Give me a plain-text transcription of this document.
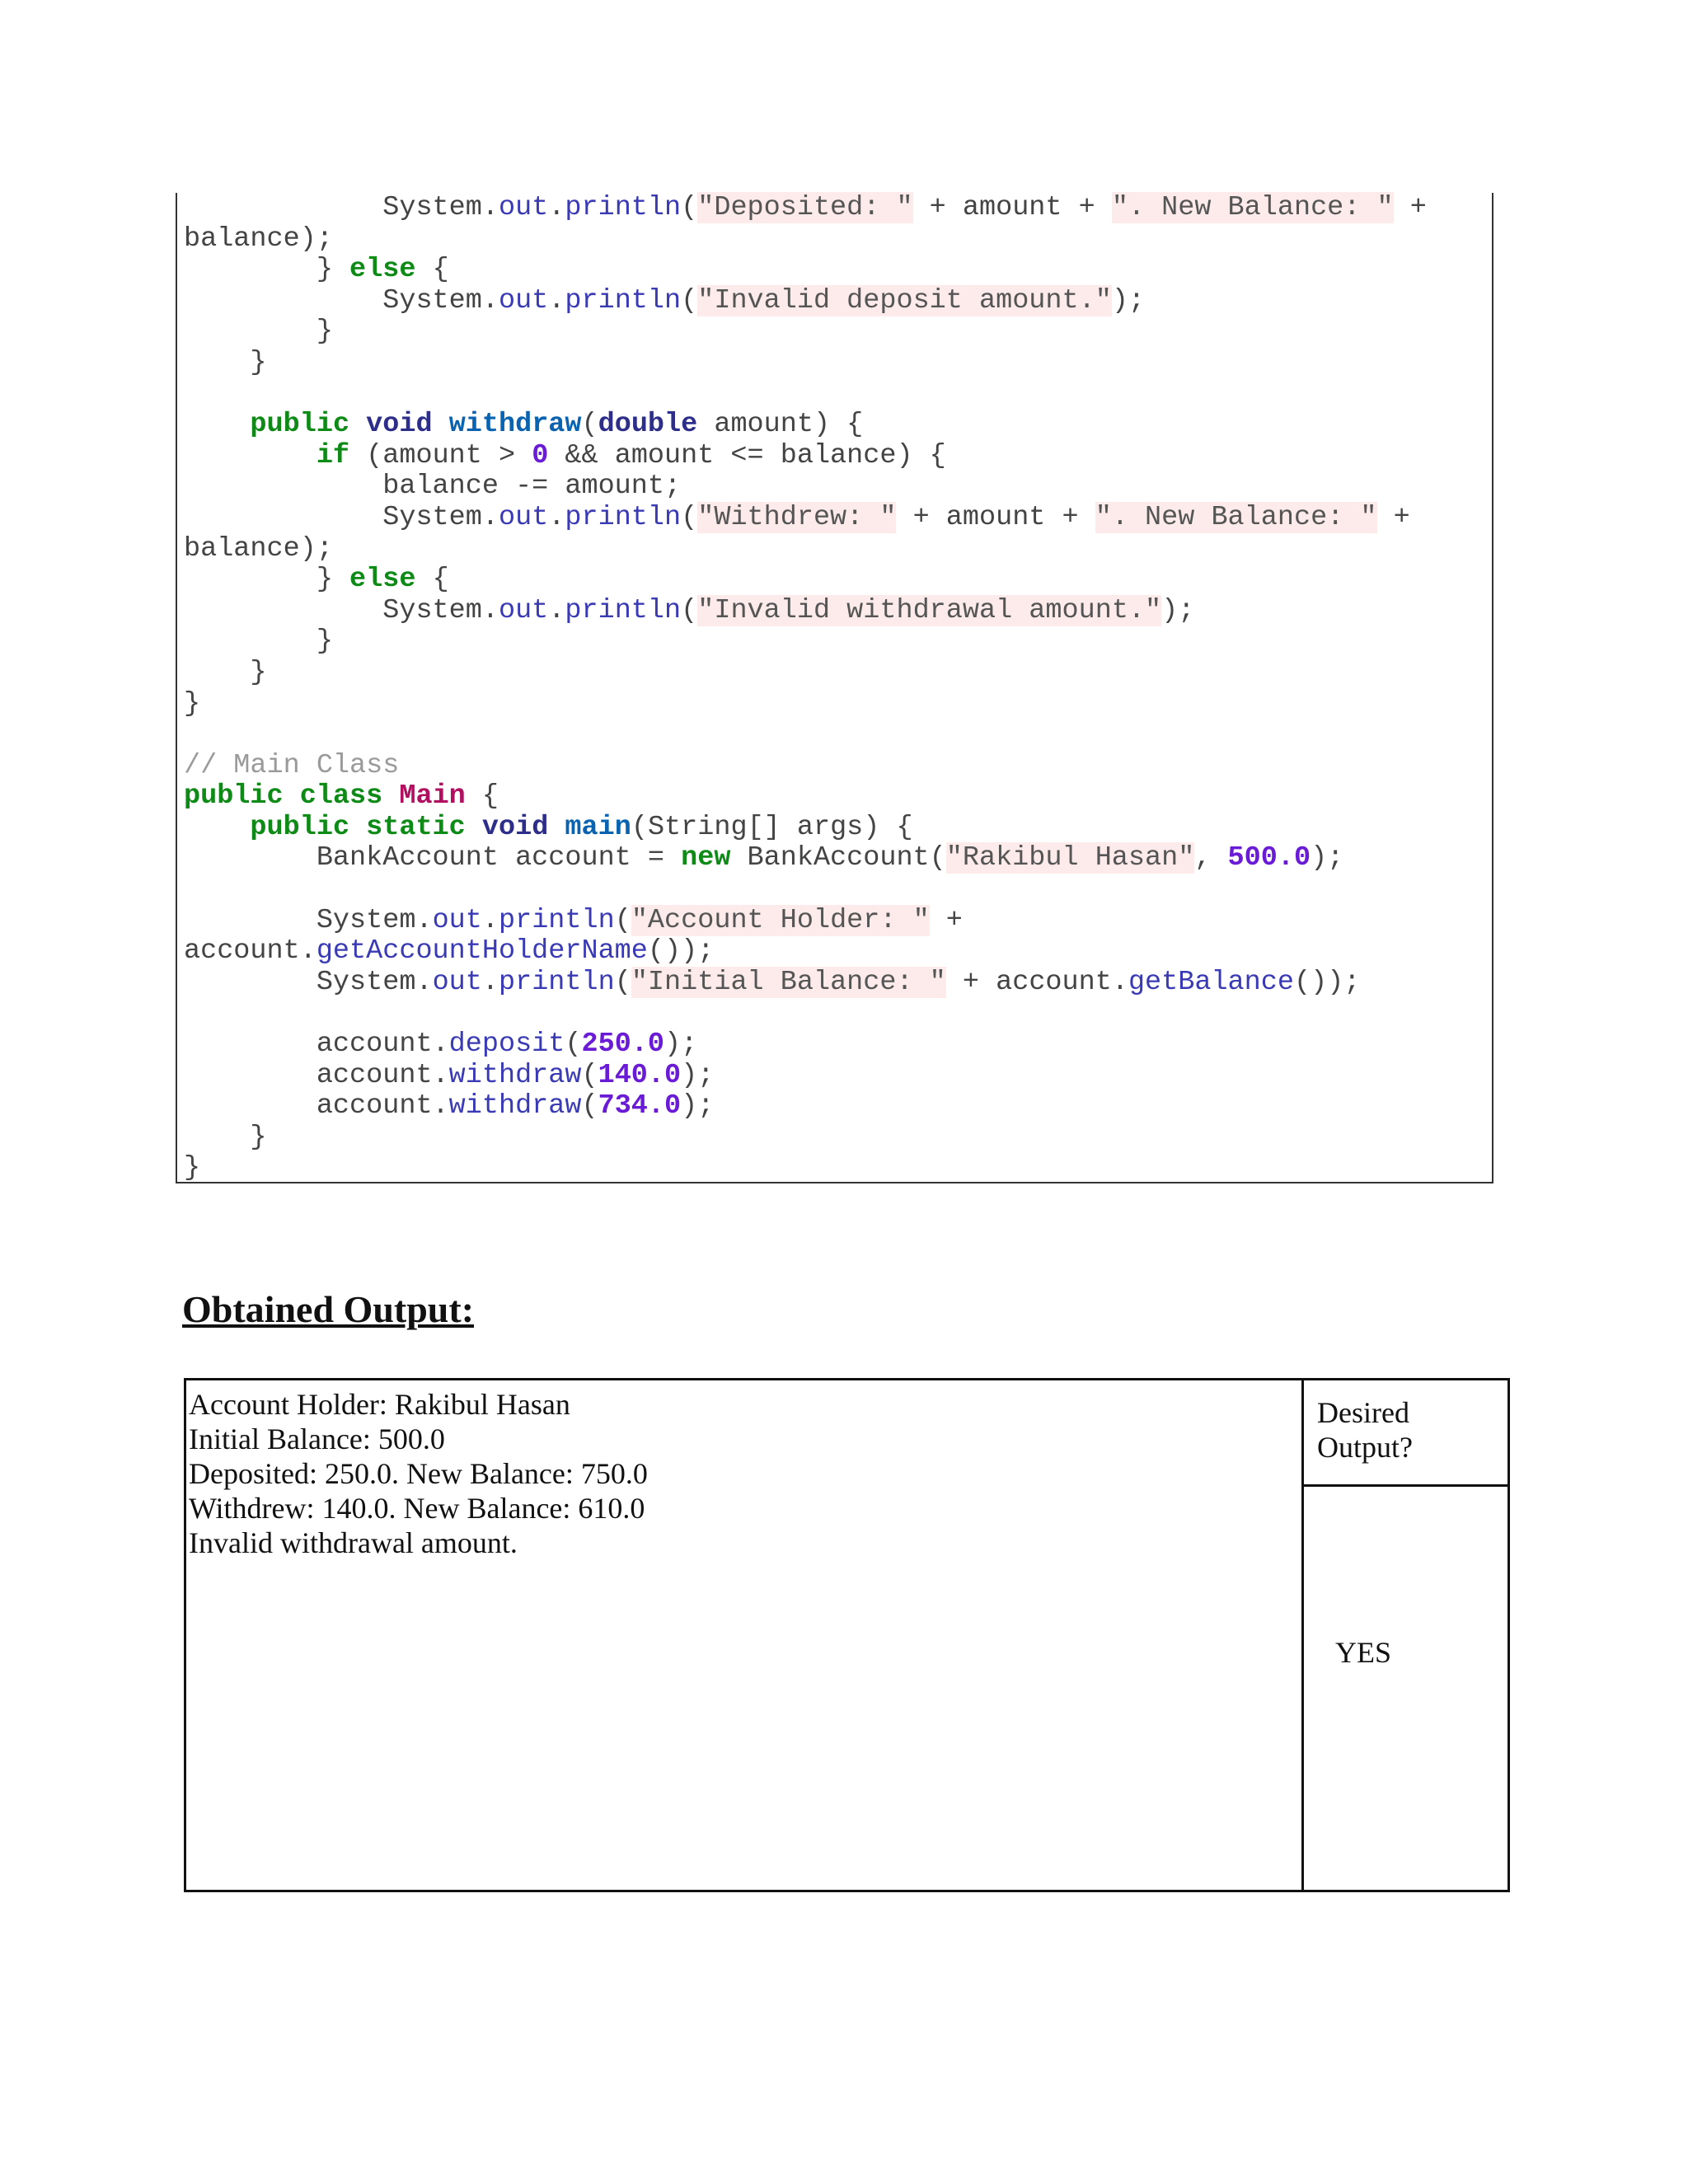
System.out.println("Deposited: " + amount + ". New Balance: " +
balance);
} else {
System.out.println("Invalid deposit amount.");
}
}

public void withdraw(double amount) {
if (amount > 0 && amount <= balance) {
balance -= amount;
System.out.println("Withdrew: " + amount + ". New Balance: " +
balance);
} else {
System.out.println("Invalid withdrawal amount.");
}
}
}

// Main Class
public class Main {
public static void main(String[] args) {
BankAccount account = new BankAccount("Rakibul Hasan", 500.0);

System.out.println("Account Holder: " +
account.getAccountHolderName());
System.out.println("Initial Balance: " + account.getBalance());

account.deposit(250.0);
account.withdraw(140.0);
account.withdraw(734.0);
}
}
Obtained Output:
Account Holder: Rakibul Hasan
Initial Balance: 500.0
Deposited: 250.0. New Balance: 750.0
Withdrew: 140.0. New Balance: 610.0
Invalid withdrawal amount.
Desired
Output?
YES
